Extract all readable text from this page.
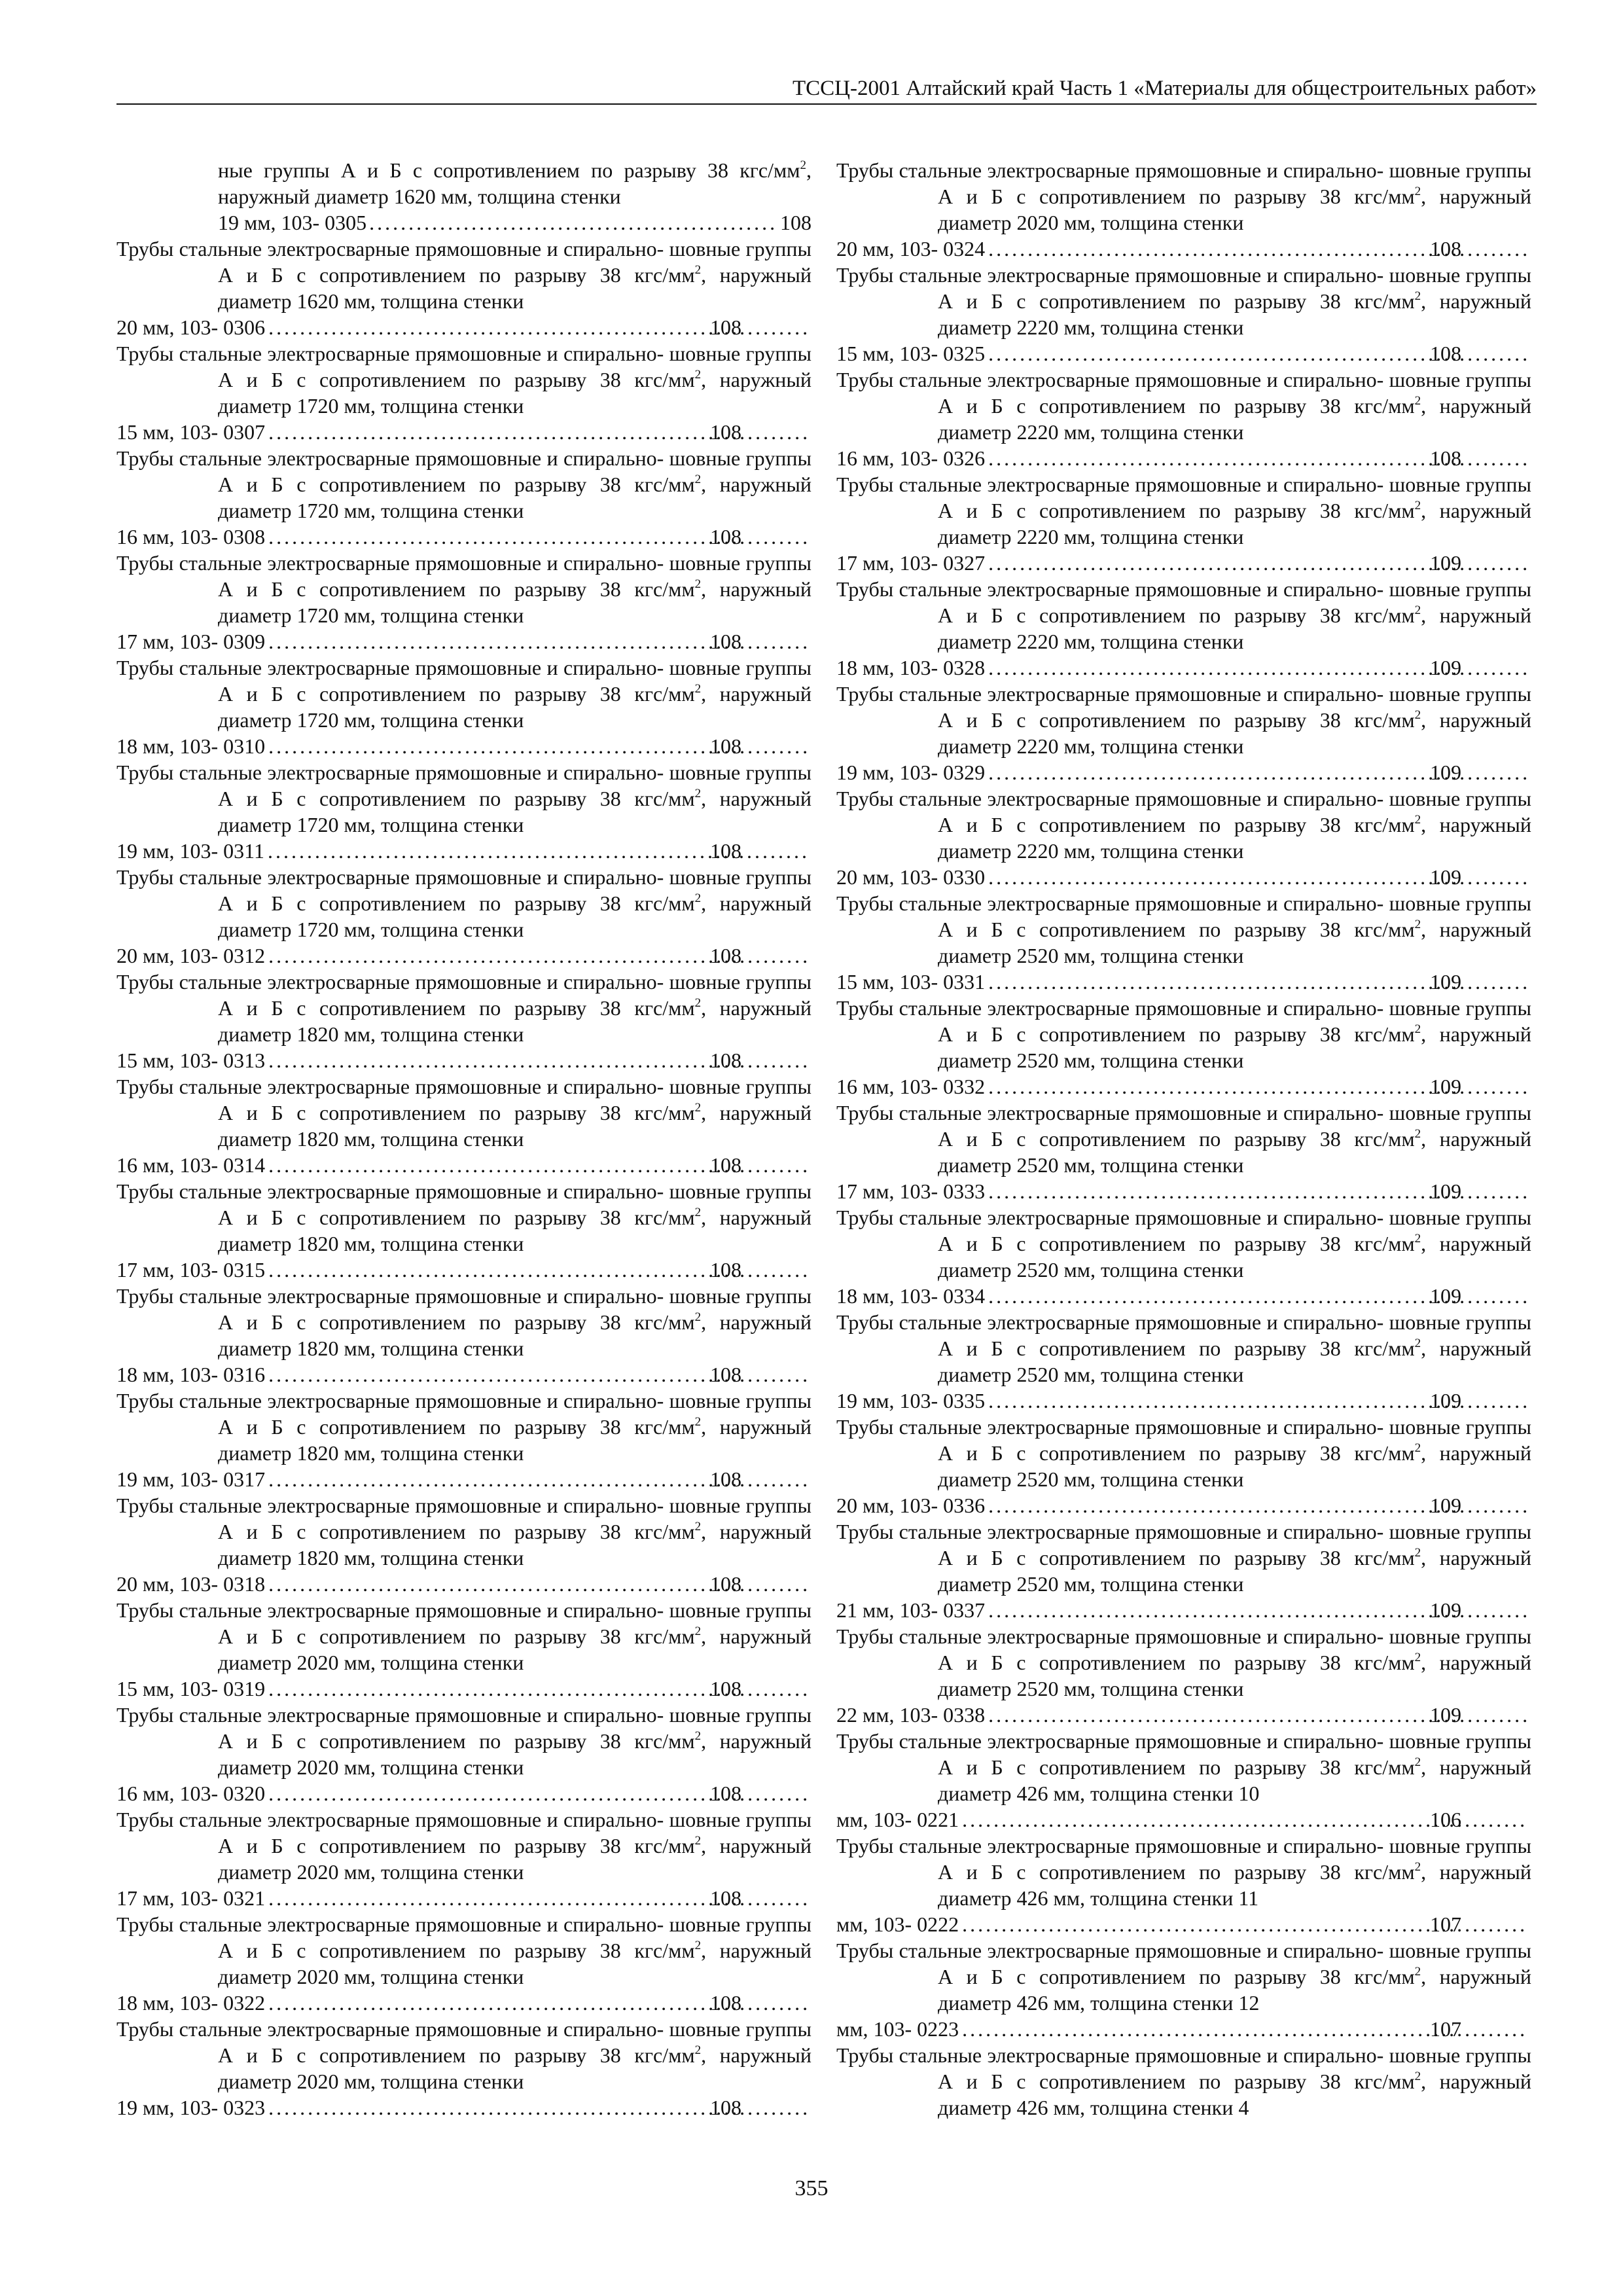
ТССЦ-2001 Алтайский край Часть 1 «Материалы для общестроительных работ»
ные группы А и Б с сопротивлением по разрыву 38 кгс/$мм^2$, наружный диаметр 1620 мм, толщина стенки
19 мм, 103- 0305 .....	108
Трубы стальные электросварные прямошовные и спирально- шовные группы А и Б с сопротивлением по разрыву 38 кгс/$мм^2$, наружный диаметр 1620 мм, толщина стенки
20 мм, 103- 0306 .....	108
Трубы стальные электросварные прямошовные и спирально- шовные группы А и Б с сопротивлением по разрыву 38 кгс/$мм^2$, наружный диаметр 1720 мм, толщина стенки
15 мм, 103- 0307 .....	108
Трубы стальные электросварные прямошовные и спирально- шовные группы А и Б с сопротивлением по разрыву 38 кгс/$мм^2$, наружный диаметр 1720 мм, толщина стенки
16 мм, 103- 0308 .....	108
Трубы стальные электросварные прямошовные и спирально- шовные группы А и Б с сопротивлением по разрыву 38 кгс/$мм^2$, наружный диаметр 1720 мм, толщина стенки
17 мм, 103- 0309 .....	108
Трубы стальные электросварные прямошовные и спирально- шовные группы А и Б с сопротивлением по разрыву 38 кгс/$мм^2$, наружный диаметр 1720 мм, толщина стенки
18 мм, 103- 0310 .....	108
Трубы стальные электросварные прямошовные и спирально- шовные группы А и Б с сопротивлением по разрыву 38 кгс/$мм^2$, наружный диаметр 1720 мм, толщина стенки
19 мм, 103- 0311 .....	108
Трубы стальные электросварные прямошовные и спирально- шовные группы А и Б с сопротивлением по разрыву 38 кгс/$мм^2$, наружный диаметр 1720 мм, толщина стенки
20 мм, 103- 0312 .....	108
Трубы стальные электросварные прямошовные и спирально- шовные группы А и Б с сопротивлением по разрыву 38 кгс/$мм^2$, наружный диаметр 1820 мм, толщина стенки
15 мм, 103- 0313 .....	108
Трубы стальные электросварные прямошовные и спирально- шовные группы А и Б с сопротивлением по разрыву 38 кгс/$мм^2$, наружный диаметр 1820 мм, толщина стенки
16 мм, 103- 0314 .....	108
Трубы стальные электросварные прямошовные и спирально- шовные группы А и Б с сопротивлением по разрыву 38 кгс/$мм^2$, наружный диаметр 1820 мм, толщина стенки
17 мм, 103- 0315 .....	108
Трубы стальные электросварные прямошовные и спирально- шовные группы А и Б с сопротивлением по разрыву 38 кгс/$мм^2$, наружный диаметр 1820 мм, толщина стенки
18 мм, 103- 0316 .....	108
Трубы стальные электросварные прямошовные и спирально- шовные группы А и Б с сопротивлением по разрыву 38 кгс/$мм^2$, наружный диаметр 1820 мм, толщина стенки
19 мм, 103- 0317 .....	108
Трубы стальные электросварные прямошовные и спирально- шовные группы А и Б с сопротивлением по разрыву 38 кгс/$мм^2$, наружный диаметр 1820 мм, толщина стенки
20 мм, 103- 0318 .....	108
Трубы стальные электросварные прямошовные и спирально- шовные группы А и Б с сопротивлением по разрыву 38 кгс/$мм^2$, наружный диаметр 2020 мм, толщина стенки
15 мм, 103- 0319 .....	108
Трубы стальные электросварные прямошовные и спирально- шовные группы А и Б с сопротивлением по разрыву 38 кгс/$мм^2$, наружный диаметр 2020 мм, толщина стенки
16 мм, 103- 0320 .....	108
Трубы стальные электросварные прямошовные и спирально- шовные группы А и Б с сопротивлением по разрыву 38 кгс/$мм^2$, наружный диаметр 2020 мм, толщина стенки
17 мм, 103- 0321 .....	108
Трубы стальные электросварные прямошовные и спирально- шовные группы А и Б с сопротивлением по разрыву 38 кгс/$мм^2$, наружный диаметр 2020 мм, толщина стенки
18 мм, 103- 0322 .....	108
Трубы стальные электросварные прямошовные и спирально- шовные группы А и Б с сопротивлением по разрыву 38 кгс/$мм^2$, наружный диаметр 2020 мм, толщина стенки
19 мм, 103- 0323 .....	108
Трубы стальные электросварные прямошовные и спирально- шовные группы А и Б с сопротивлением по разрыву 38 кгс/$мм^2$, наружный диаметр 2020 мм, толщина стенки
20 мм, 103- 0324 .....	108
Трубы стальные электросварные прямошовные и спирально- шовные группы А и Б с сопротивлением по разрыву 38 кгс/$мм^2$, наружный диаметр 2220 мм, толщина стенки
15 мм, 103- 0325 .....	108
Трубы стальные электросварные прямошовные и спирально- шовные группы А и Б с сопротивлением по разрыву 38 кгс/$мм^2$, наружный диаметр 2220 мм, толщина стенки
16 мм, 103- 0326 .....	108
Трубы стальные электросварные прямошовные и спирально- шовные группы А и Б с сопротивлением по разрыву 38 кгс/$мм^2$, наружный диаметр 2220 мм, толщина стенки
17 мм, 103- 0327 .....	109
Трубы стальные электросварные прямошовные и спирально- шовные группы А и Б с сопротивлением по разрыву 38 кгс/$мм^2$, наружный диаметр 2220 мм, толщина стенки
18 мм, 103- 0328 .....	109
Трубы стальные электросварные прямошовные и спирально- шовные группы А и Б с сопротивлением по разрыву 38 кгс/$мм^2$, наружный диаметр 2220 мм, толщина стенки
19 мм, 103- 0329 .....	109
Трубы стальные электросварные прямошовные и спирально- шовные группы А и Б с сопротивлением по разрыву 38 кгс/$мм^2$, наружный диаметр 2220 мм, толщина стенки
20 мм, 103- 0330 .....	109
Трубы стальные электросварные прямошовные и спирально- шовные группы А и Б с сопротивлением по разрыву 38 кгс/$мм^2$, наружный диаметр 2520 мм, толщина стенки
15 мм, 103- 0331 .....	109
Трубы стальные электросварные прямошовные и спирально- шовные группы А и Б с сопротивлением по разрыву 38 кгс/$мм^2$, наружный диаметр 2520 мм, толщина стенки
16 мм, 103- 0332 .....	109
Трубы стальные электросварные прямошовные и спирально- шовные группы А и Б с сопротивлением по разрыву 38 кгс/$мм^2$, наружный диаметр 2520 мм, толщина стенки
17 мм, 103- 0333 .....	109
Трубы стальные электросварные прямошовные и спирально- шовные группы А и Б с сопротивлением по разрыву 38 кгс/$мм^2$, наружный диаметр 2520 мм, толщина стенки
18 мм, 103- 0334 .....	109
Трубы стальные электросварные прямошовные и спирально- шовные группы А и Б с сопротивлением по разрыву 38 кгс/$мм^2$, наружный диаметр 2520 мм, толщина стенки
19 мм, 103- 0335 .....	109
Трубы стальные электросварные прямошовные и спирально- шовные группы А и Б с сопротивлением по разрыву 38 кгс/$мм^2$, наружный диаметр 2520 мм, толщина стенки
20 мм, 103- 0336 .....	109
Трубы стальные электросварные прямошовные и спирально- шовные группы А и Б с сопротивлением по разрыву 38 кгс/$мм^2$, наружный диаметр 2520 мм, толщина стенки
21 мм, 103- 0337 .....	109
Трубы стальные электросварные прямошовные и спирально- шовные группы А и Б с сопротивлением по разрыву 38 кгс/$мм^2$, наружный диаметр 2520 мм, толщина стенки
22 мм, 103- 0338 .....	109
Трубы стальные электросварные прямошовные и спирально- шовные группы А и Б с сопротивлением по разрыву 38 кгс/$мм^2$, наружный диаметр 426 мм, толщина стенки 10
мм, 103- 0221 .....	106
Трубы стальные электросварные прямошовные и спирально- шовные группы А и Б с сопротивлением по разрыву 38 кгс/$мм^2$, наружный диаметр 426 мм, толщина стенки 11
мм, 103- 0222 .....	107
Трубы стальные электросварные прямошовные и спирально- шовные группы А и Б с сопротивлением по разрыву 38 кгс/$мм^2$, наружный диаметр 426 мм, толщина стенки 12
мм, 103- 0223 .....	107
Трубы стальные электросварные прямошовные и спирально- шовные группы А и Б с сопротивлением по разрыву 38 кгс/$мм^2$, наружный диаметр 426 мм, толщина стенки 4
355
